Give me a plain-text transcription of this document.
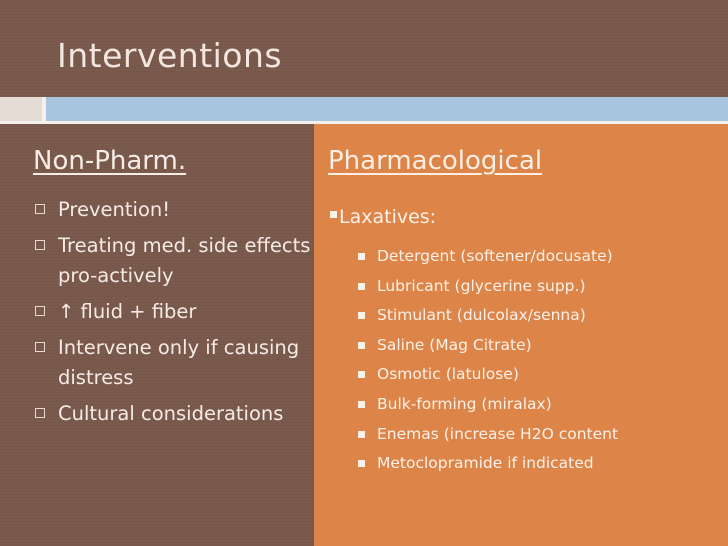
Interventions
Non-Pharm.
Prevention!
Treating med. side effects pro-actively
↑ fluid + fiber
Intervene only if causing distress
Cultural considerations
Pharmacological
Laxatives:
Detergent (softener/docusate)
Lubricant (glycerine supp.)
Stimulant (dulcolax/senna)
Saline (Mag Citrate)
Osmotic (latulose)
Bulk-forming (miralax)
Enemas (increase H2O content
Metoclopramide if indicated
